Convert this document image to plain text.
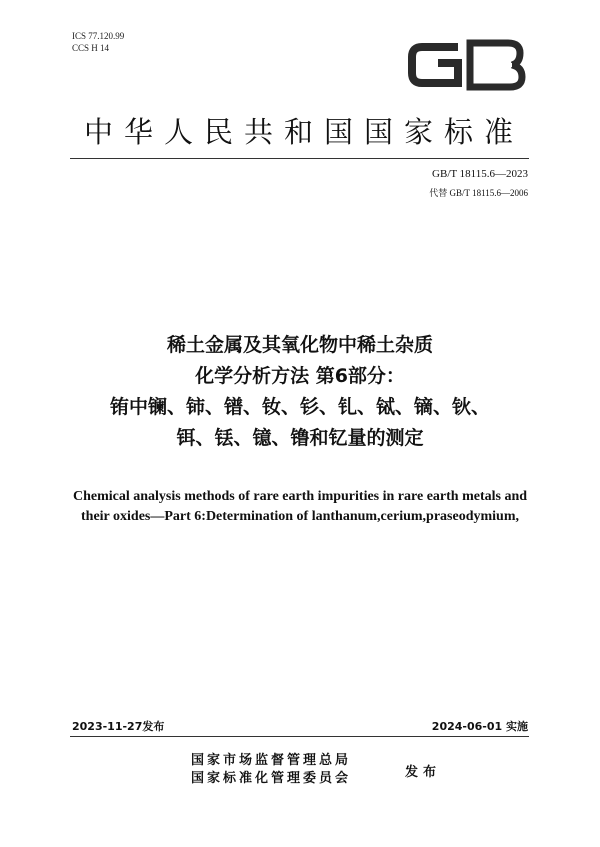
ICS 77.120.99
CCS H 14
中华人民共和国国家标准
GB/T 18115.6—2023
代替 GB/T 18115.6—2006
稀土金属及其氧化物中稀土杂质
化学分析方法 第6部分：
铕中镧、铈、镨、钕、钐、钆、铽、镝、钬、
铒、铥、镱、镥和钇量的测定
Chemical analysis methods of rare earth impurities in rare earth metals and
their oxides—Part 6:Determination of lanthanum,cerium,praseodymium,
2023-11-27发布	2024-06-01 实施
国家市场监督管理总局
国家标准化管理委员会	发布
